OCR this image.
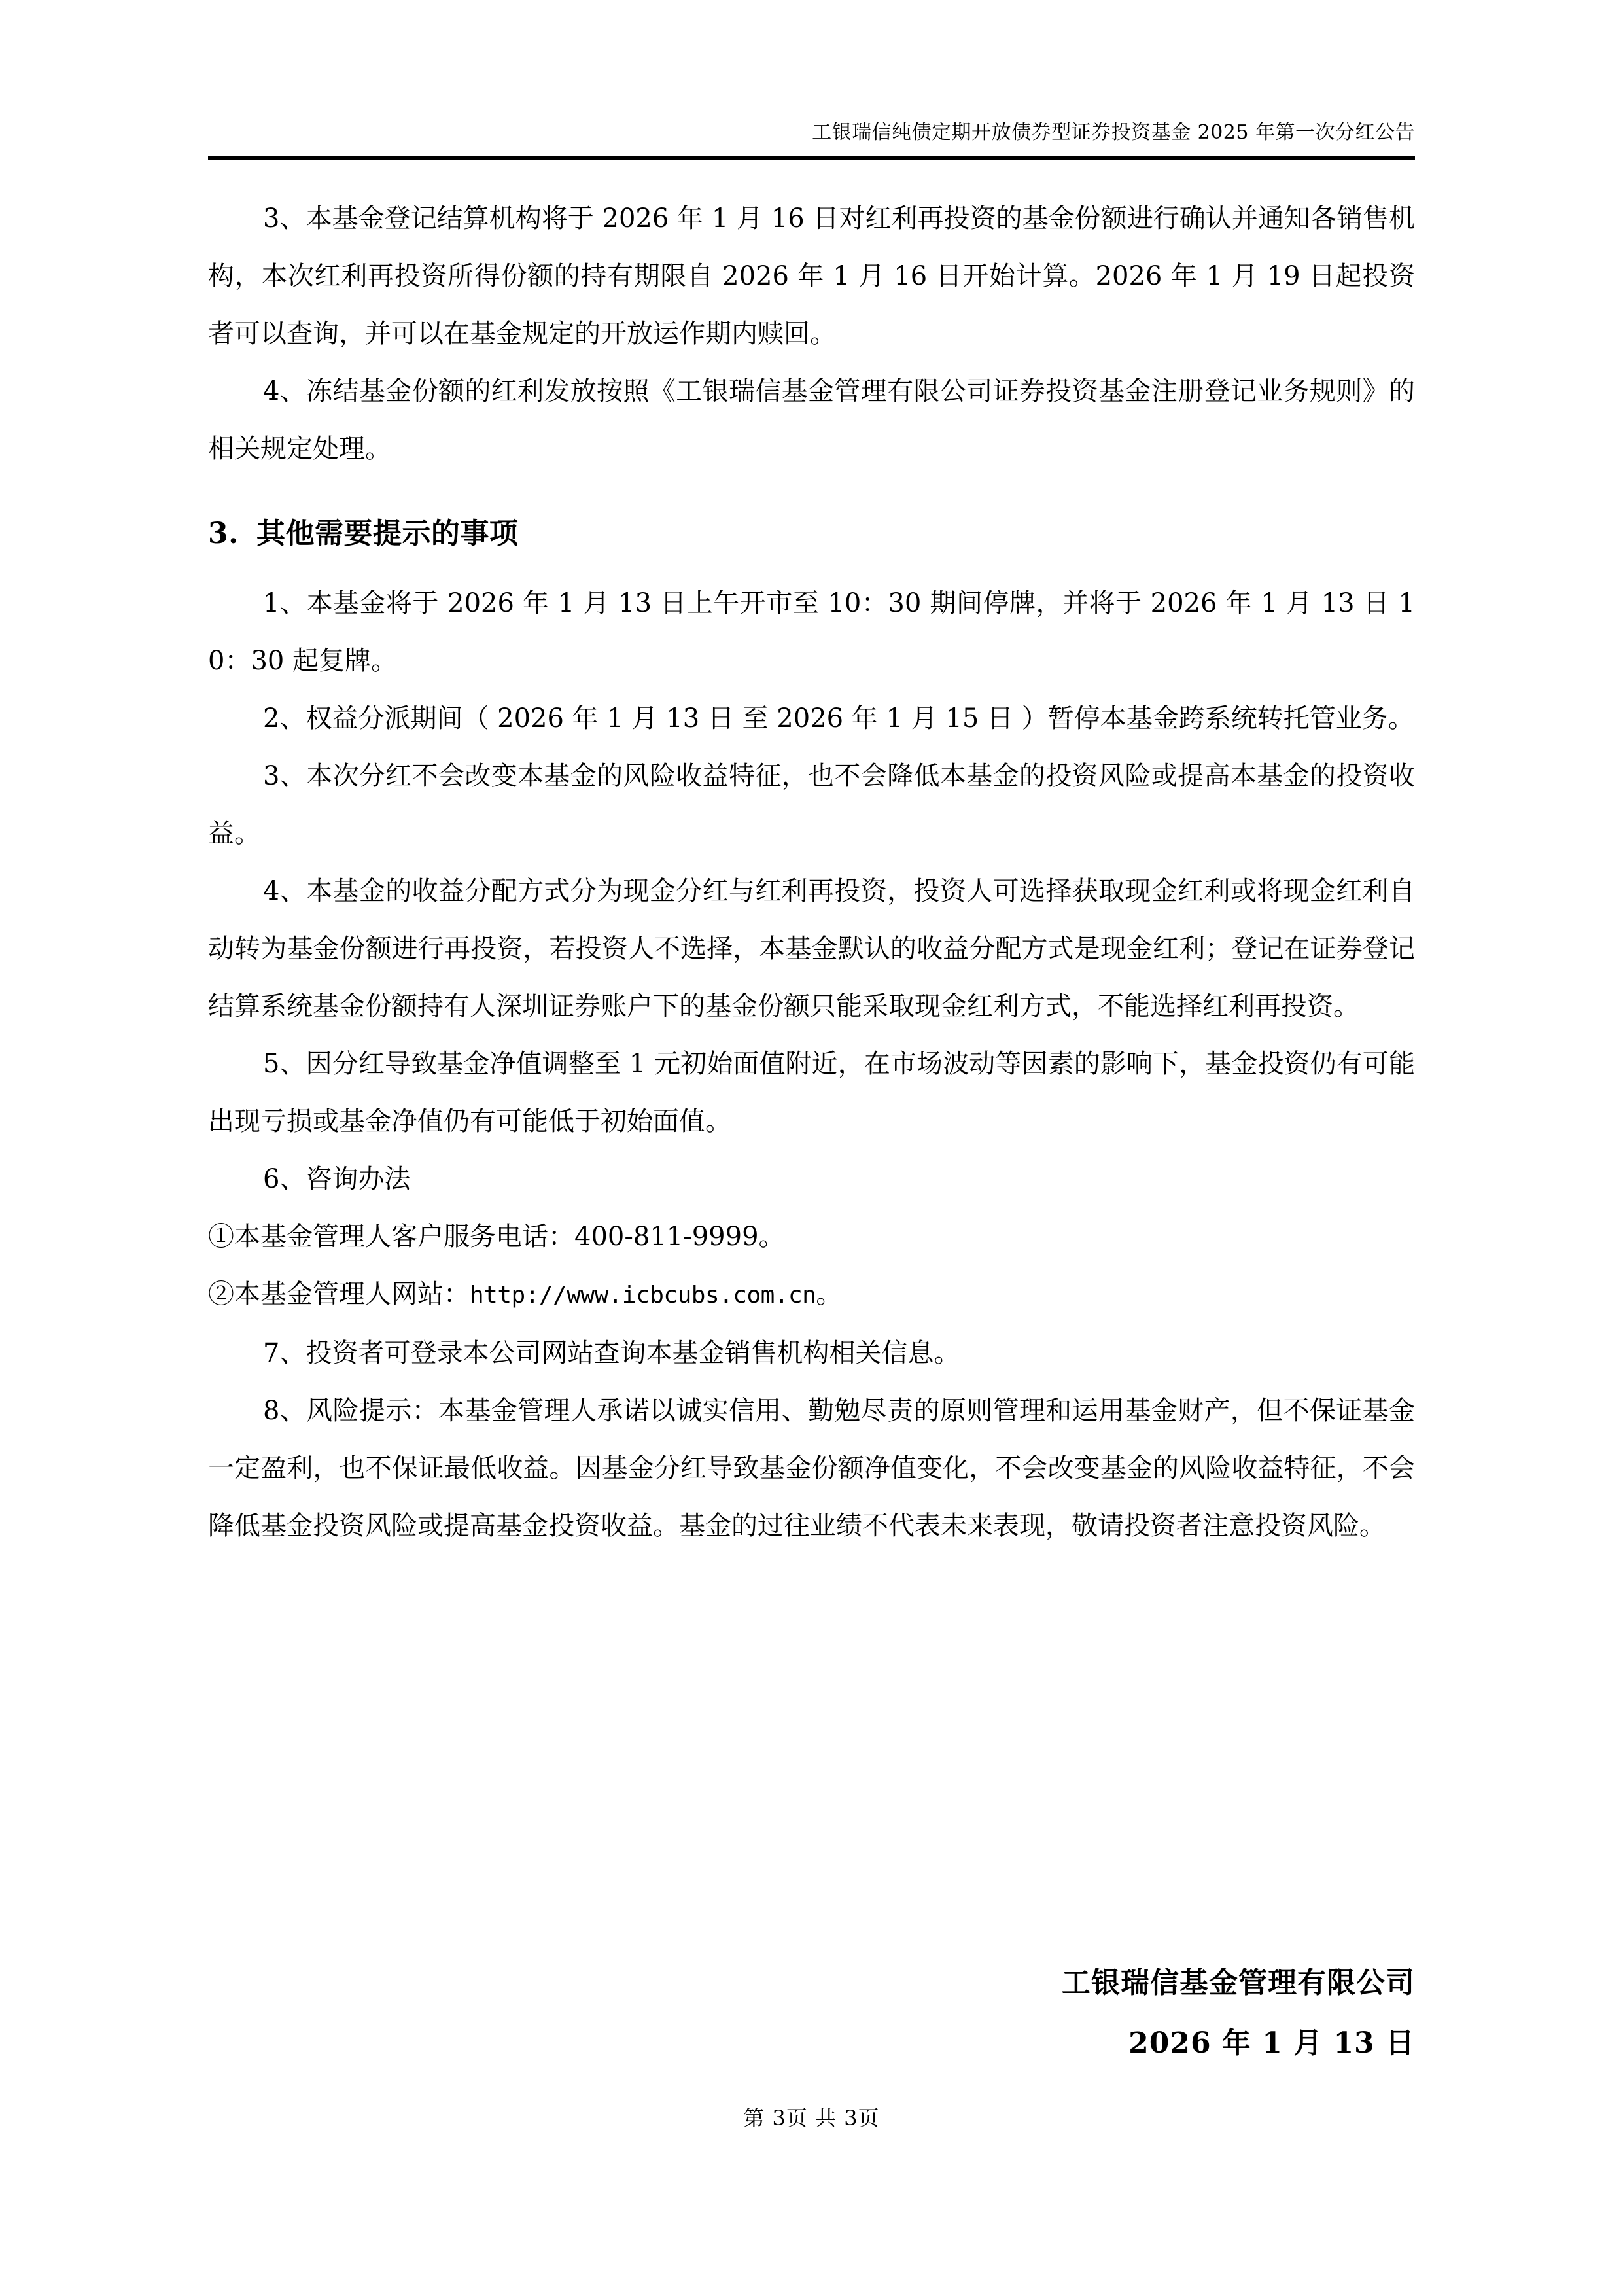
工银瑞信纯债定期开放债券型证券投资基金 2025 年第一次分红公告

3、本基金登记结算机构将于 2026 年 1 月 16 日对红利再投资的基金份额进行确认并通知各销售机构，本次红利再投资所得份额的持有期限自 2026 年 1 月 16 日开始计算。2026 年 1 月 19 日起投资者可以查询，并可以在基金规定的开放运作期内赎回。

4、冻结基金份额的红利发放按照《工银瑞信基金管理有限公司证券投资基金注册登记业务规则》的相关规定处理。

3. 其他需要提示的事项

1、本基金将于 2026 年 1 月 13 日上午开市至 10：30 期间停牌，并将于 2026 年 1 月 13 日 10：30 起复牌。

2、权益分派期间（ 2026 年 1 月 13 日 至 2026 年 1 月 15 日 ）暂停本基金跨系统转托管业务。

3、本次分红不会改变本基金的风险收益特征，也不会降低本基金的投资风险或提高本基金的投资收益。

4、本基金的收益分配方式分为现金分红与红利再投资，投资人可选择获取现金红利或将现金红利自动转为基金份额进行再投资，若投资人不选择，本基金默认的收益分配方式是现金红利；登记在证券登记结算系统基金份额持有人深圳证券账户下的基金份额只能采取现金红利方式，不能选择红利再投资。

5、因分红导致基金净值调整至 1 元初始面值附近，在市场波动等因素的影响下，基金投资仍有可能出现亏损或基金净值仍有可能低于初始面值。

6、咨询办法

①本基金管理人客户服务电话：400-811-9999。

②本基金管理人网站：http://www.icbcubs.com.cn。

7、投资者可登录本公司网站查询本基金销售机构相关信息。

8、风险提示：本基金管理人承诺以诚实信用、勤勉尽责的原则管理和运用基金财产，但不保证基金一定盈利，也不保证最低收益。因基金分红导致基金份额净值变化，不会改变基金的风险收益特征，不会降低基金投资风险或提高基金投资收益。基金的过往业绩不代表未来表现，敬请投资者注意投资风险。

工银瑞信基金管理有限公司
2026 年 1 月 13 日
第 3页 共 3页
